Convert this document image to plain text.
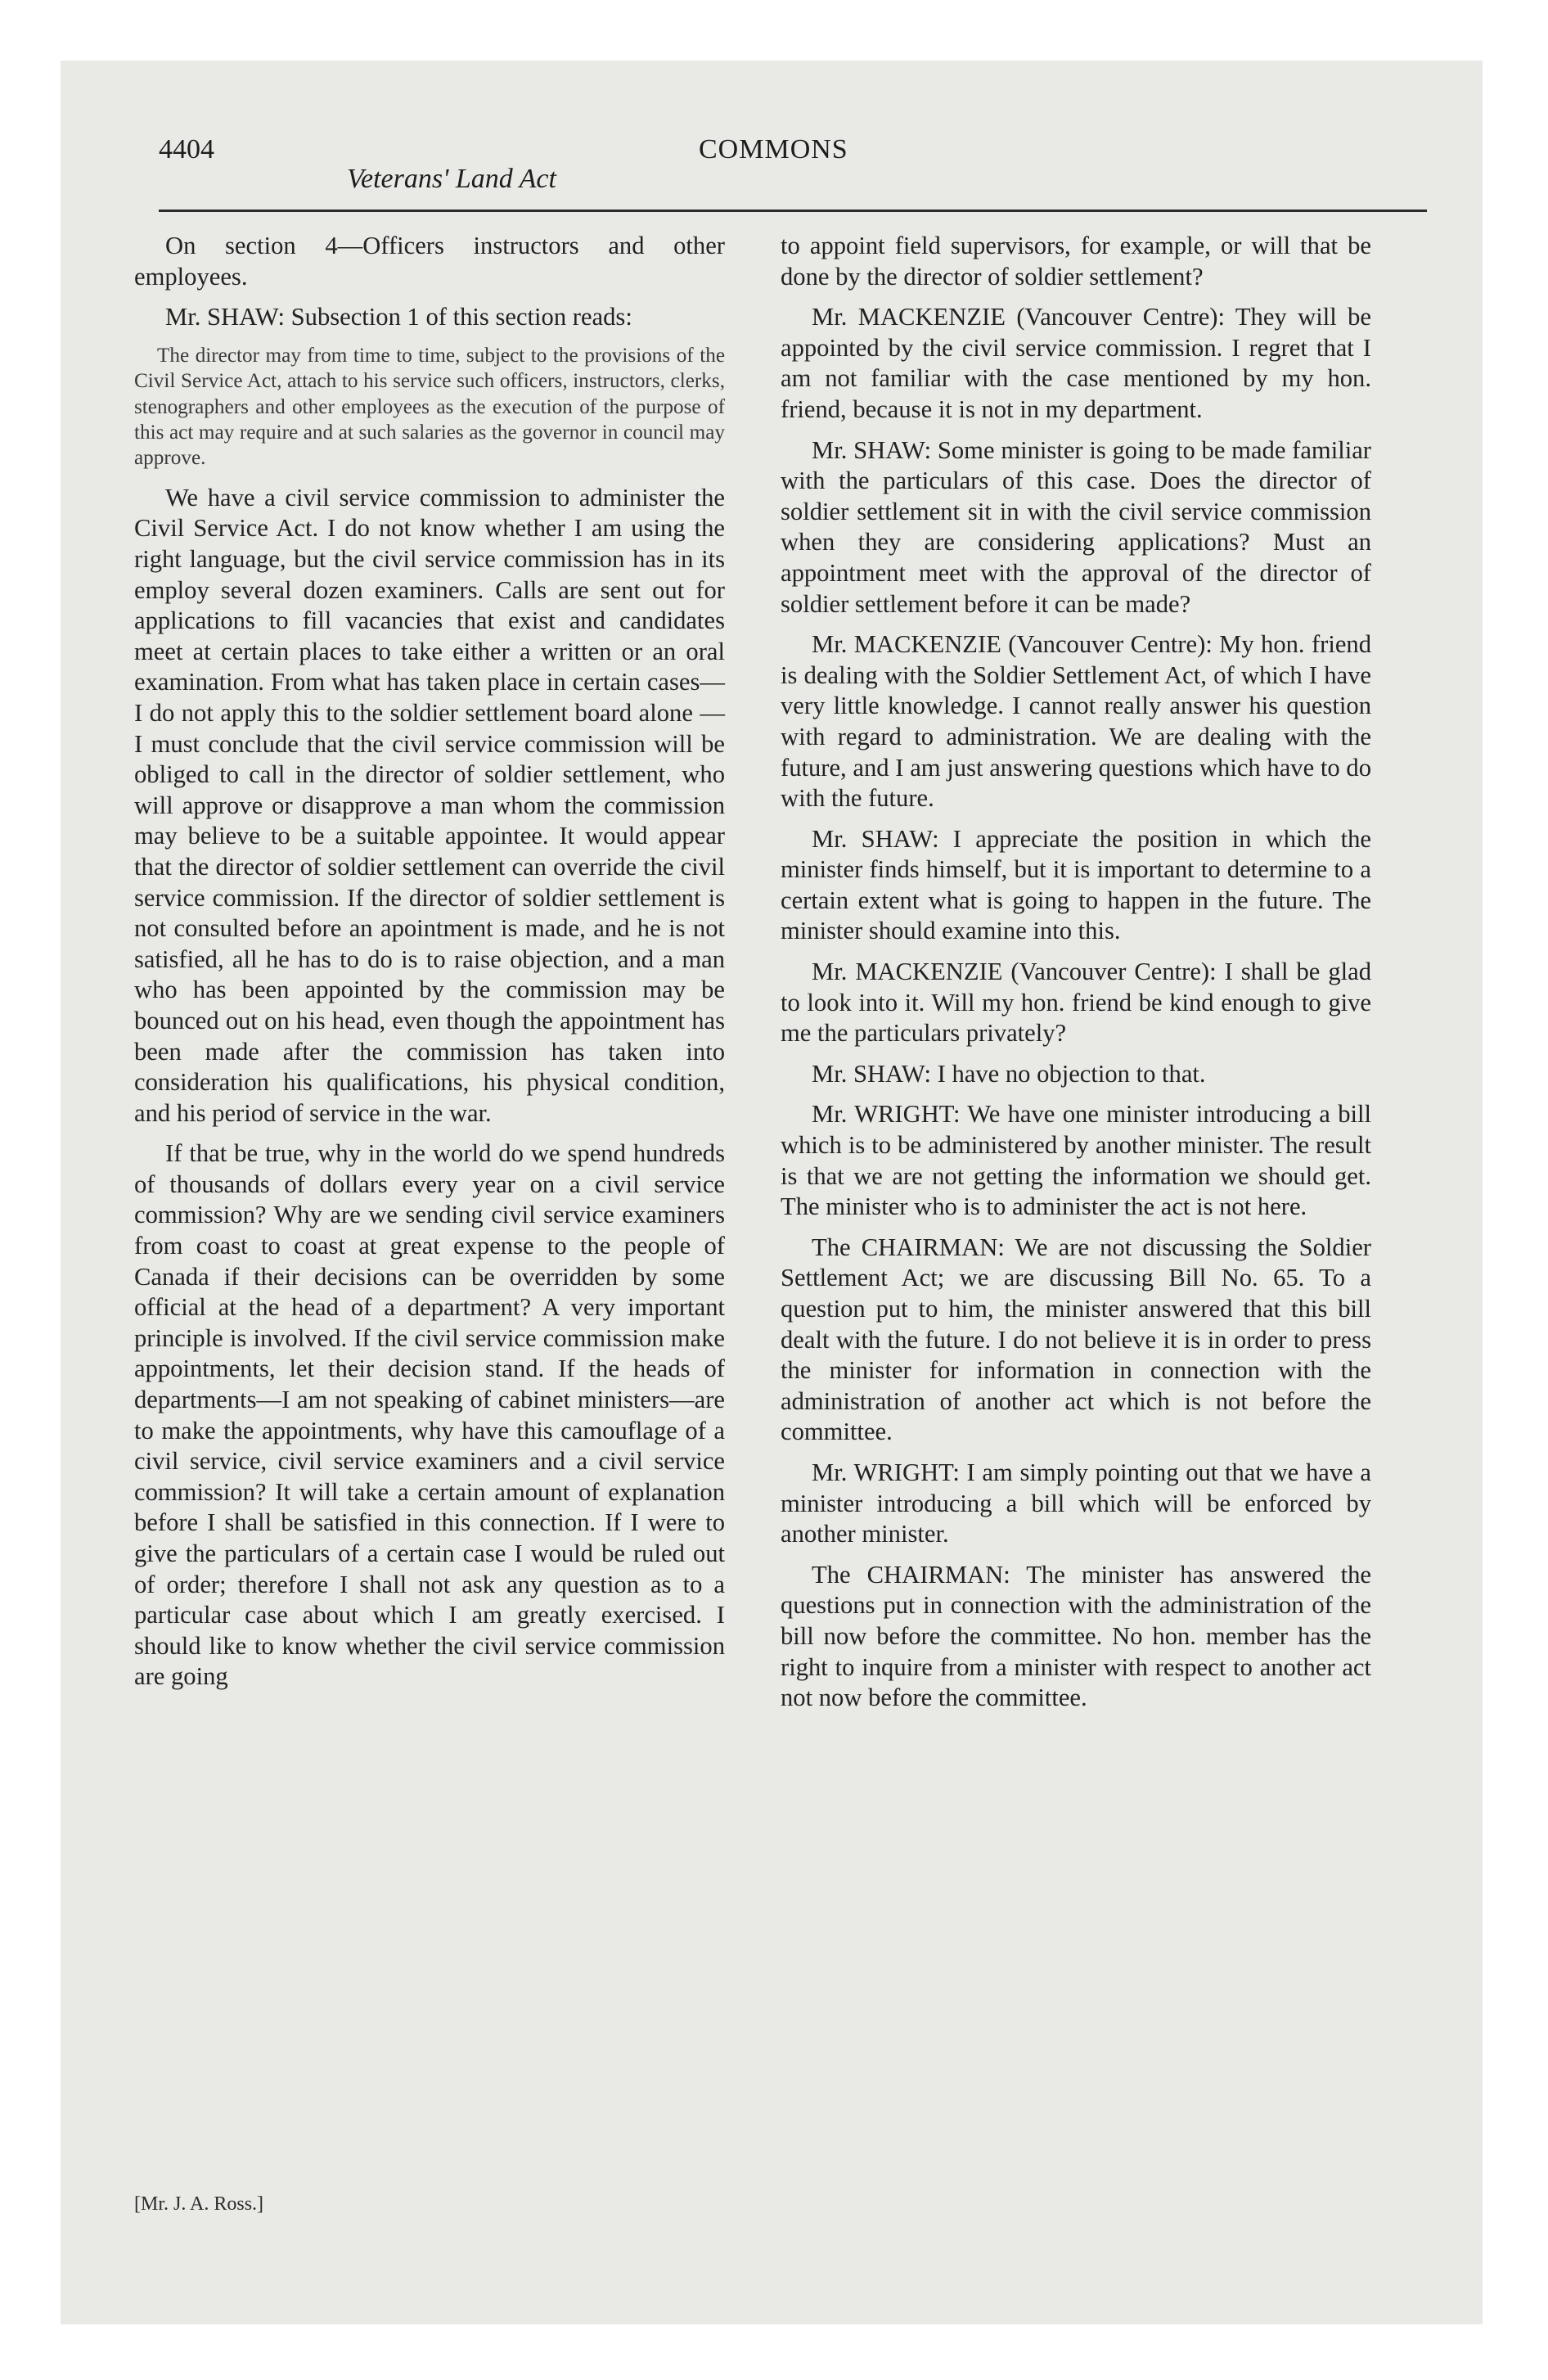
4404
Veterans' Land Act
COMMONS

On section 4—Officers instructors and other employees.

Mr. SHAW: Subsection 1 of this section reads:

The director may from time to time, subject to the provisions of the Civil Service Act, attach to his service such officers, instructors, clerks, stenographers and other employees as the execution of the purpose of this act may require and at such salaries as the governor in council may approve.

We have a civil service commission to administer the Civil Service Act. I do not know whether I am using the right language, but the civil service commission has in its employ several dozen examiners. Calls are sent out for applications to fill vacancies that exist and candidates meet at certain places to take either a written or an oral examination. From what has taken place in certain cases—I do not apply this to the soldier settlement board alone —I must conclude that the civil service commission will be obliged to call in the director of soldier settlement, who will approve or disapprove a man whom the commission may believe to be a suitable appointee. It would appear that the director of soldier settlement can override the civil service commission. If the director of soldier settlement is not consulted before an apointment is made, and he is not satisfied, all he has to do is to raise objection, and a man who has been appointed by the commission may be bounced out on his head, even though the appointment has been made after the commission has taken into consideration his qualifications, his physical condition, and his period of service in the war.

If that be true, why in the world do we spend hundreds of thousands of dollars every year on a civil service commission? Why are we sending civil service examiners from coast to coast at great expense to the people of Canada if their decisions can be overridden by some official at the head of a department? A very important principle is involved. If the civil service commission make appointments, let their decision stand. If the heads of departments—I am not speaking of cabinet ministers—are to make the appointments, why have this camouflage of a civil service, civil service examiners and a civil service commission? It will take a certain amount of explanation before I shall be satisfied in this connection. If I were to give the particulars of a certain case I would be ruled out of order; therefore I shall not ask any question as to a particular case about which I am greatly exercised. I should like to know whether the civil service commission are going

to appoint field supervisors, for example, or will that be done by the director of soldier settlement?

Mr. MACKENZIE (Vancouver Centre): They will be appointed by the civil service commission. I regret that I am not familiar with the case mentioned by my hon. friend, because it is not in my department.

Mr. SHAW: Some minister is going to be made familiar with the particulars of this case. Does the director of soldier settlement sit in with the civil service commission when they are considering applications? Must an appointment meet with the approval of the director of soldier settlement before it can be made?

Mr. MACKENZIE (Vancouver Centre): My hon. friend is dealing with the Soldier Settlement Act, of which I have very little knowledge. I cannot really answer his question with regard to administration. We are dealing with the future, and I am just answering questions which have to do with the future.

Mr. SHAW: I appreciate the position in which the minister finds himself, but it is important to determine to a certain extent what is going to happen in the future. The minister should examine into this.

Mr. MACKENZIE (Vancouver Centre): I shall be glad to look into it. Will my hon. friend be kind enough to give me the particulars privately?

Mr. SHAW: I have no objection to that.

Mr. WRIGHT: We have one minister introducing a bill which is to be administered by another minister. The result is that we are not getting the information we should get. The minister who is to administer the act is not here.

The CHAIRMAN: We are not discussing the Soldier Settlement Act; we are discussing Bill No. 65. To a question put to him, the minister answered that this bill dealt with the future. I do not believe it is in order to press the minister for information in connection with the administration of another act which is not before the committee.

Mr. WRIGHT: I am simply pointing out that we have a minister introducing a bill which will be enforced by another minister.

The CHAIRMAN: The minister has answered the questions put in connection with the administration of the bill now before the committee. No hon. member has the right to inquire from a minister with respect to another act not now before the committee.

[Mr. J. A. Ross.]
